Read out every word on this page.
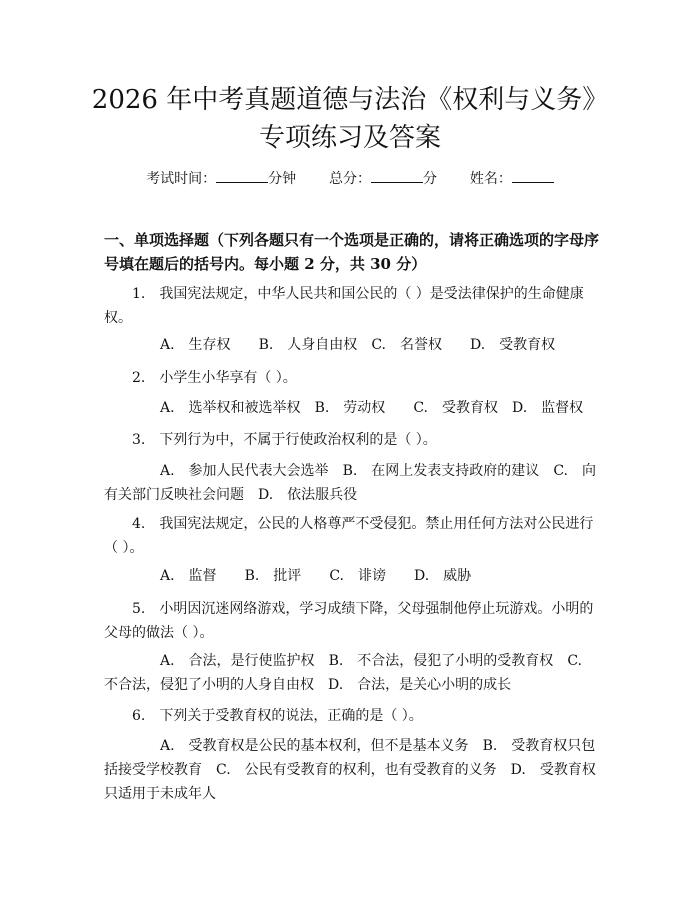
2026 年中考真题道德与法治《权利与义务》
专项练习及答案
考试时间：	分钟 总分：	分 姓名：

一、单项选择题（下列各题只有一个选项是正确的，请将正确选项的字母序号填在题后的括号内。每小题 2 分，共 30 分）

1.　 我国宪法规定，中华人民共和国公民的（ ）是受法律保护的生命健康权。

A.　生存权　　 B.　人身自由权　 C.　名誉权　　 D.　受教育权

2.　 小学生小华享有（ ）。

A.　选举权和被选举权　 B.　劳动权　　 C.　受教育权　 D.　监督权

3.　 下列行为中，不属于行使政治权利的是（ ）。

A.　参加人民代表大会选举　 B.　在网上发表支持政府的建议　 C.　向有关部门反映社会问题　 D.　依法服兵役

4.　 我国宪法规定，公民的人格尊严不受侵犯。禁止用任何方法对公民进行（ ）。

A.　监督　　 B.　批评　　 C.　诽谤　　 D.　威胁

5.　 小明因沉迷网络游戏，学习成绩下降，父母强制他停止玩游戏。小明的父母的做法（ ）。

A.　合法，是行使监护权　 B.　不合法，侵犯了小明的受教育权　 C.　不合法，侵犯了小明的人身自由权　 D.　合法，是关心小明的成长

6.　 下列关于受教育权的说法，正确的是（ ）。

A.　受教育权是公民的基本权利，但不是基本义务　 B.　受教育权只包括接受学校教育　 C.　公民有受教育的权利，也有受教育的义务　 D.　受教育权只适用于未成年人
